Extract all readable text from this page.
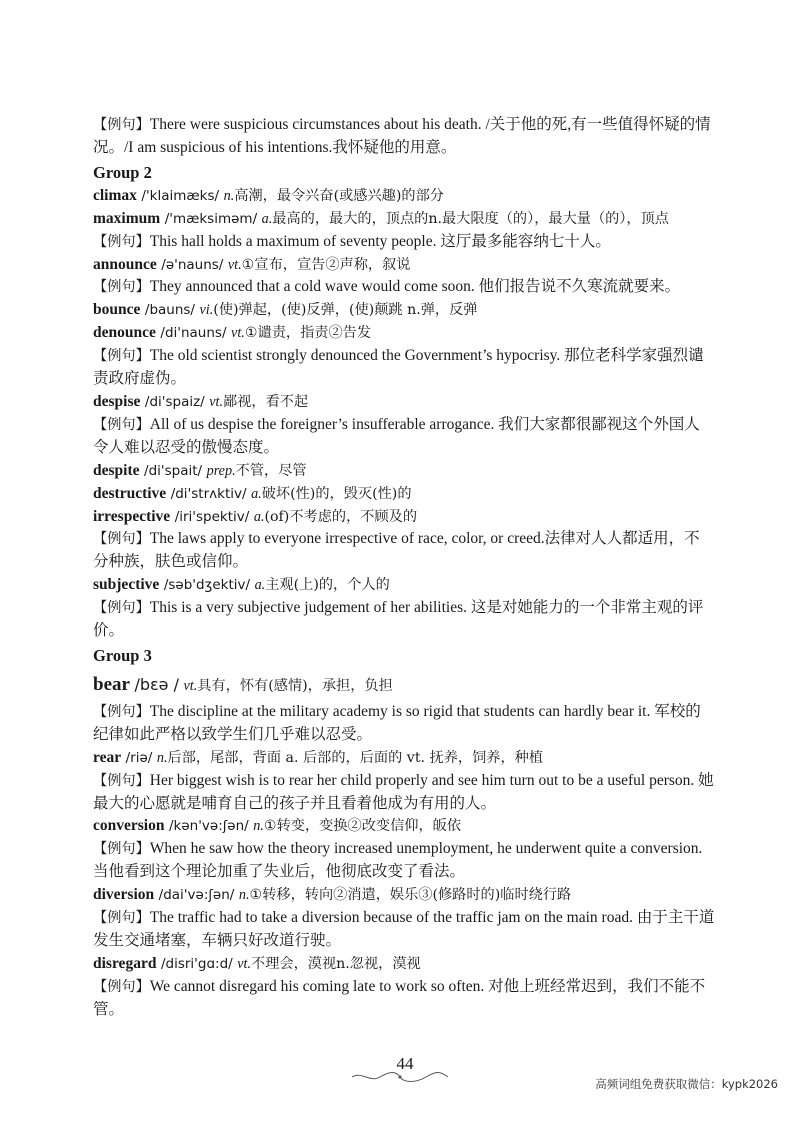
【例句】There were suspicious circumstances about his death. /关于他的死,有一些值得怀疑的情况。/I am suspicious of his intentions.我怀疑他的用意。
Group 2
climax /'klaimæks/ n.高潮，最令兴奋(或感兴趣)的部分
maximum /'mæksiməm/ a.最高的，最大的，顶点的n.最大限度（的），最大量（的），顶点
【例句】This hall holds a maximum of seventy people. 这厅最多能容纳七十人。
announce /ə'nauns/ vt.①宣布，宣告②声称，叙说
【例句】They announced that a cold wave would come soon. 他们报告说不久寒流就要来。
bounce /bauns/ vi.(使)弹起，(使)反弹，(使)颠跳 n.弹，反弹
denounce /di'nauns/ vt.①谴责，指责②告发
【例句】The old scientist strongly denounced the Government’s hypocrisy. 那位老科学家强烈谴责政府虚伪。
despise /di'spaiz/ vt.鄙视，看不起
【例句】All of us despise the foreigner’s insufferable arrogance. 我们大家都很鄙视这个外国人令人难以忍受的傲慢态度。
despite /di'spait/ prep.不管，尽管
destructive /di'strʌktiv/ a.破坏(性)的，毁灭(性)的
irrespective /iri'spektiv/ a.(of)不考虑的，不顾及的
【例句】The laws apply to everyone irrespective of race, color, or creed.法律对人人都适用，不分种族，肤色或信仰。
subjective /səb'dʒektiv/ a.主观(上)的，个人的
【例句】This is a very subjective judgement of her abilities. 这是对她能力的一个非常主观的评价。
Group 3
bear /bɛə / vt.具有，怀有(感情)，承担，负担
【例句】The discipline at the military academy is so rigid that students can hardly bear it. 军校的纪律如此严格以致学生们几乎难以忍受。
rear /riə/ n.后部，尾部，背面 a. 后部的，后面的 vt. 抚养，饲养，种植
【例句】Her biggest wish is to rear her child properly and see him turn out to be a useful person. 她最大的心愿就是哺育自己的孩子并且看着他成为有用的人。
conversion /kən'və:ʃən/ n.①转变，变换②改变信仰，皈依
【例句】When he saw how the theory increased unemployment, he underwent quite a conversion.当他看到这个理论加重了失业后，他彻底改变了看法。
diversion /dai'və:ʃən/ n.①转移，转向②消遣，娱乐③(修路时的)临时绕行路
【例句】The traffic had to take a diversion because of the traffic jam on the main road. 由于主干道发生交通堵塞，车辆只好改道行驶。
disregard /disri'gɑ:d/ vt.不理会，漠视n.忽视，漠视
【例句】We cannot disregard his coming late to work so often. 对他上班经常迟到，我们不能不管。
44
高频词组免费获取微信：kypk2026
